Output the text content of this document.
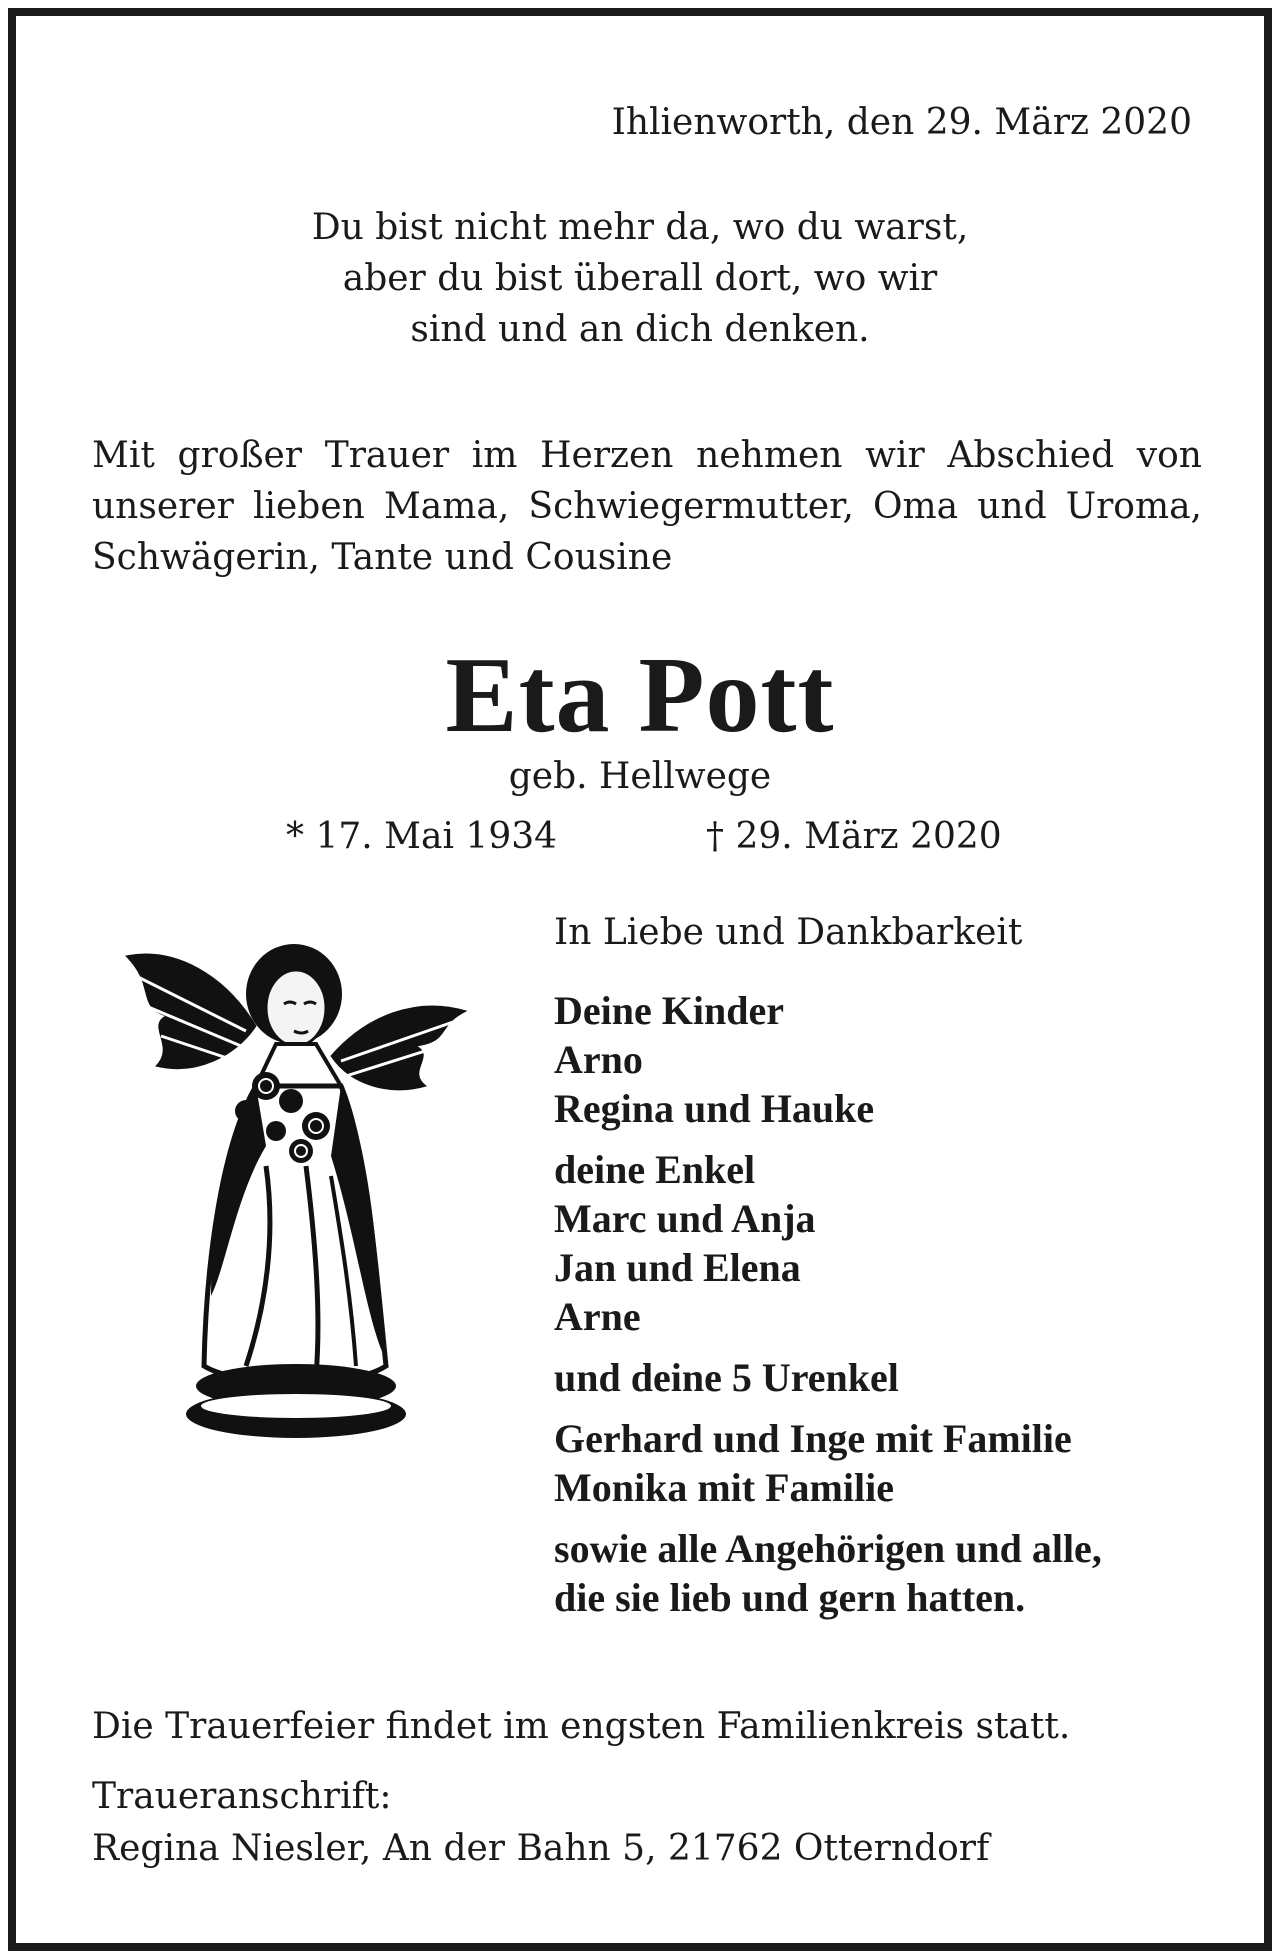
Ihlienworth, den 29. März 2020
Du bist nicht mehr da, wo du warst,
aber du bist überall dort, wo wir
sind und an dich denken.
Mit großer Trauer im Herzen nehmen wir Abschied von unserer lieben Mama, Schwiegermutter, Oma und Uroma, Schwägerin, Tante und Cousine
Eta Pott
geb. Hellwege
* 17. Mai 1934	† 29. März 2020
In Liebe und Dankbarkeit
Deine Kinder
Arno
Regina und Hauke
deine Enkel
Marc und Anja
Jan und Elena
Arne
und deine 5 Urenkel
Gerhard und Inge mit Familie
Monika mit Familie
sowie alle Angehörigen und alle,
die sie lieb und gern hatten.
Die Trauerfeier findet im engsten Familienkreis statt.
Traueranschrift:
Regina Niesler, An der Bahn 5, 21762 Otterndorf
